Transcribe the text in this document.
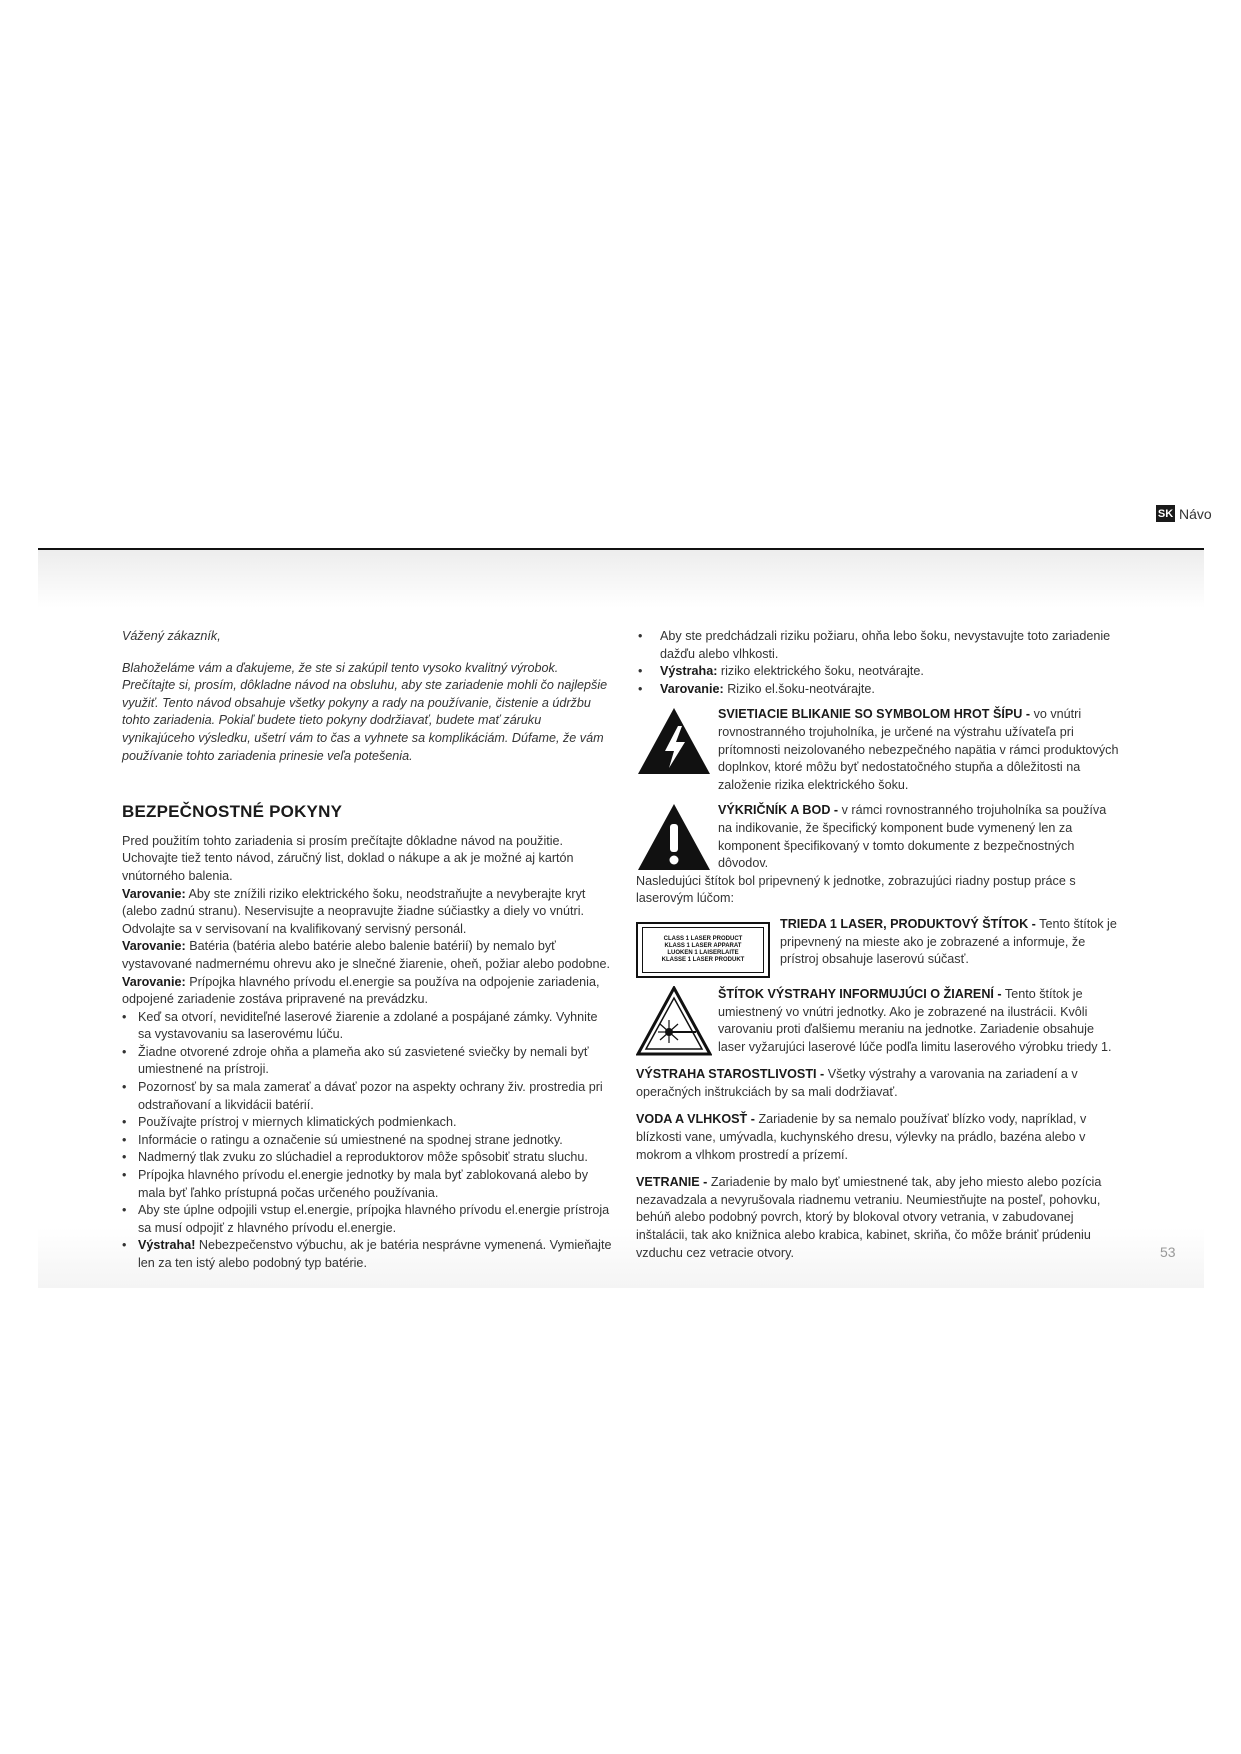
SK Návo

Vážený zákazník,

Blahoželáme vám a ďakujeme, že ste si zakúpil tento vysoko kvalitný výrobok. Prečítajte si, prosím, dôkladne návod na obsluhu, aby ste zariadenie mohli čo najlepšie využiť. Tento návod obsahuje všetky pokyny a rady na používanie, čistenie a údržbu tohto zariadenia. Pokiaľ budete tieto pokyny dodržiavať, budete mať záruku vynikajúceho výsledku, ušetrí vám to čas a vyhnete sa komplikáciám. Dúfame, že vám používanie tohto zariadenia prinesie veľa potešenia.

BEZPEČNOSTNÉ POKYNY

Pred použitím tohto zariadenia si prosím prečítajte dôkladne návod na použitie. Uchovajte tiež tento návod, záručný list, doklad o nákupe a ak je možné aj kartón vnútorného balenia.

Varovanie: Aby ste znížili riziko elektrického šoku, neodstraňujte a nevyberajte kryt (alebo zadnú stranu). Neservisujte a neopravujte žiadne súčiastky a diely vo vnútri. Odvolajte sa v servisovaní na kvalifikovaný servisný personál.

Varovanie: Batéria (batéria alebo batérie alebo balenie batérií) by nemalo byť vystavované nadmernému ohrevu ako je slnečné žiarenie, oheň, požiar alebo podobne.

Varovanie: Prípojka hlavného prívodu el.energie sa používa na odpojenie zariadenia, odpojené zariadenie zostáva pripravené na prevádzku.

• Keď sa otvorí, neviditeľné laserové žiarenie a zdolané a pospájané zámky. Vyhnite sa vystavovaniu sa laserovému lúču.
• Žiadne otvorené zdroje ohňa a plameňa ako sú zasvietené sviečky by nemali byť umiestnené na prístroji.
• Pozornosť by sa mala zamerať a dávať pozor na aspekty ochrany živ. prostredia pri odstraňovaní a likvidácii batérií.
• Používajte prístroj v miernych klimatických podmienkach.
• Informácie o ratingu a označenie sú umiestnené na spodnej strane jednotky.
• Nadmerný tlak zvuku zo slúchadiel a reproduktorov môže spôsobiť stratu sluchu.
• Prípojka hlavného prívodu el.energie jednotky by mala byť zablokovaná alebo by mala byť ľahko prístupná počas určeného používania.
• Aby ste úplne odpojili vstup el.energie, prípojka hlavného prívodu el.energie prístroja sa musí odpojiť z hlavného prívodu el.energie.
• Výstraha! Nebezpečenstvo výbuchu, ak je batéria nesprávne vymenená. Vymieňajte len za ten istý alebo podobný typ batérie.
• Aby ste predchádzali riziku požiaru, ohňa lebo šoku, nevystavujte toto zariadenie dažďu alebo vlhkosti.
• Výstraha: riziko elektrického šoku, neotvárajte.
• Varovanie: Riziko el.šoku-neotvárajte.
SVIETIACIE BLIKANIE SO SYMBOLOM HROT ŠÍPU - vo vnútri rovnostranného trojuholníka, je určené na výstrahu užívateľa pri prítomnosti neizolovaného nebezpečného napätia v rámci produktových doplnkov, ktoré môžu byť nedostatočného stupňa a dôležitosti na založenie rizika elektrického šoku.
VÝKRIČNÍK A BOD - v rámci rovnostranného trojuholníka sa používa na indikovanie, že špecifický komponent bude vymenený len za komponent špecifikovaný v tomto dokumente z bezpečnostných dôvodov.

Nasledujúci štítok bol pripevnený k jednotke, zobrazujúci riadny postup práce s laserovým lúčom:

CLASS 1 LASER PRODUCT
KLASS 1 LASER APPARAT
LUOKEN 1 LAISERLAITE
KLASSE 1 LASER PRODUKT
TRIEDA 1 LASER, PRODUKTOVÝ ŠTÍTOK - Tento štítok je pripevnený na mieste ako je zobrazené a informuje, že prístroj obsahuje laserovú súčasť.
ŠTÍTOK VÝSTRAHY INFORMUJÚCI O ŽIARENÍ - Tento štítok je umiestnený vo vnútri jednotky. Ako je zobrazené na ilustrácii. Kvôli varovaniu proti ďalšiemu meraniu na jednotke. Zariadenie obsahuje laser vyžarujúci laserové lúče podľa limitu laserového výrobku triedy 1.

VÝSTRAHA STAROSTLIVOSTI - Všetky výstrahy a varovania na zariadení a v operačných inštrukciách by sa mali dodržiavať.

VODA A VLHKOSŤ - Zariadenie by sa nemalo používať blízko vody, napríklad, v blízkosti vane, umývadla, kuchynského dresu, výlevky na prádlo, bazéna alebo v mokrom a vlhkom prostredí a prízemí.

VETRANIE - Zariadenie by malo byť umiestnené tak, aby jeho miesto alebo pozícia nezavadzala a nevyrušovala riadnemu vetraniu. Neumiestňujte na posteľ, pohovku, behúň alebo podobný povrch, ktorý by blokoval otvory vetrania, v zabudovanej inštalácii, tak ako knižnica alebo krabica, kabinet, skriňa, čo môže brániť prúdeniu vzduchu cez vetracie otvory.	53
